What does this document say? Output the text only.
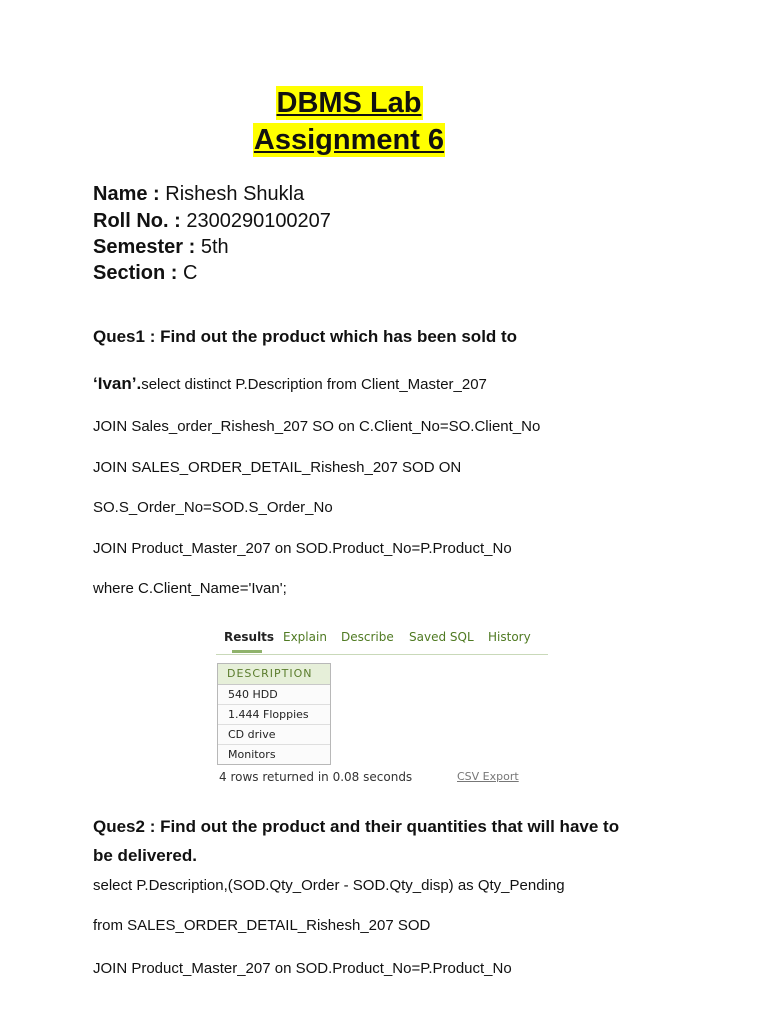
DBMS Lab
Assignment 6
Name : Rishesh Shukla
Roll No. : 2300290100207
Semester : 5th
Section : C
Ques1 : Find out the product which has been sold to
‘Ivan’.select distinct P.Description from Client_Master_207
JOIN Sales_order_Rishesh_207 SO on C.Client_No=SO.Client_No
JOIN SALES_ORDER_DETAIL_Rishesh_207 SOD ON
SO.S_Order_No=SOD.S_Order_No
JOIN Product_Master_207 on SOD.Product_No=P.Product_No
where C.Client_Name='Ivan';
Results Explain Describe Saved SQL History
DESCRIPTION
540 HDD
1.444 Floppies
CD drive
Monitors
4 rows returned in 0.08 seconds	CSV Export
Ques2 : Find out the product and their quantities that will have to
be delivered.
select P.Description,(SOD.Qty_Order - SOD.Qty_disp) as Qty_Pending
from SALES_ORDER_DETAIL_Rishesh_207 SOD
JOIN Product_Master_207 on SOD.Product_No=P.Product_No
